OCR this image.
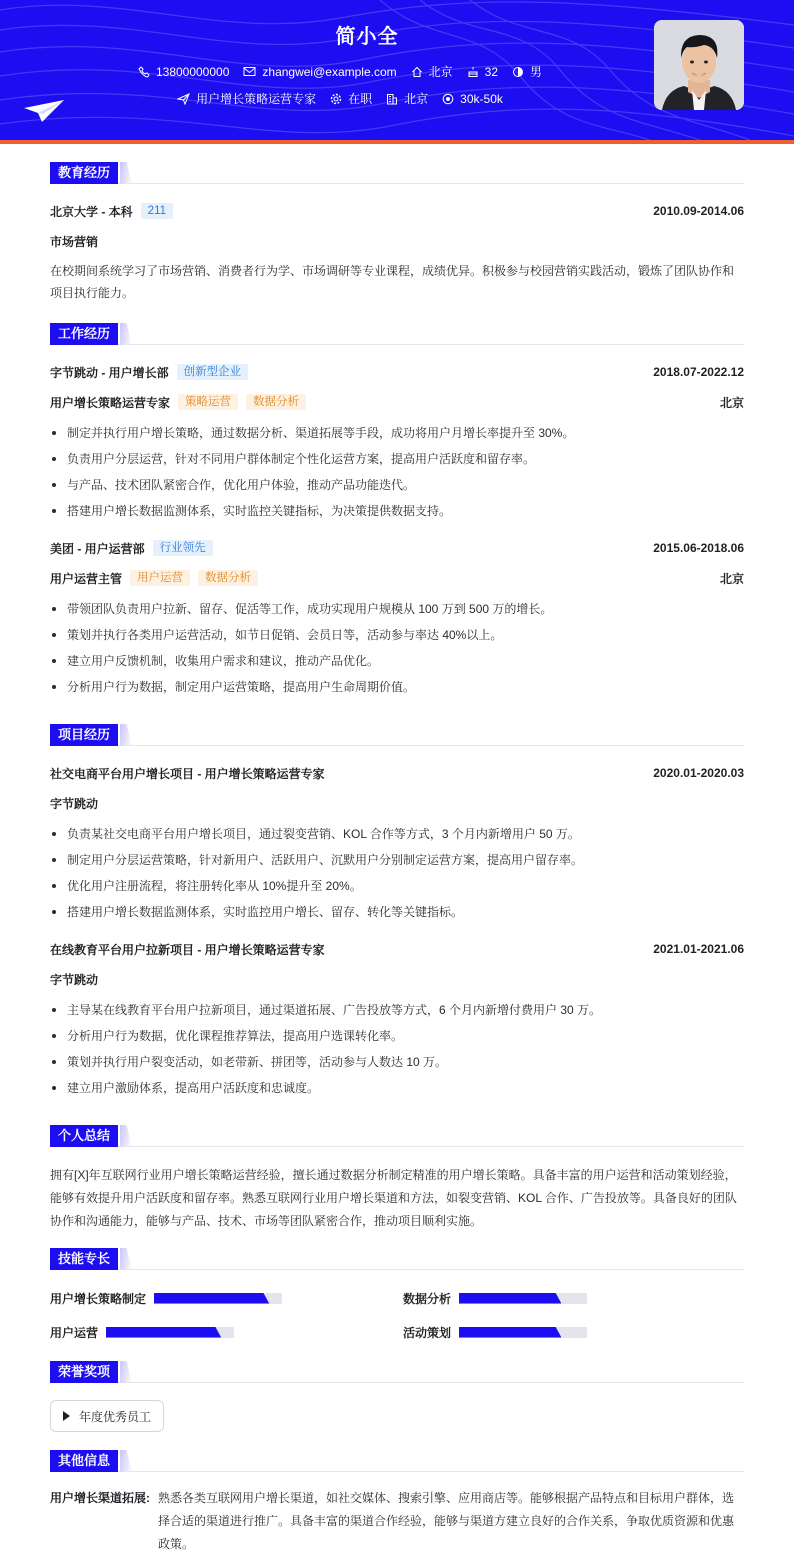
简小全
13800000000	zhangwei@example.com	北京	32	男
用户增长策略运营专家	在职	北京	30k-50k
教育经历
北京大学 - 本科	211	2010.09-2014.06
市场营销
在校期间系统学习了市场营销、消费者行为学、市场调研等专业课程，成绩优异。积极参与校园营销实践活动，锻炼了团队协作和项目执行能力。
工作经历
字节跳动 - 用户增长部	创新型企业	2018.07-2022.12
用户增长策略运营专家	策略运营	数据分析	北京
制定并执行用户增长策略，通过数据分析、渠道拓展等手段，成功将用户月增长率提升至 30%。
负责用户分层运营，针对不同用户群体制定个性化运营方案，提高用户活跃度和留存率。
与产品、技术团队紧密合作，优化用户体验，推动产品功能迭代。
搭建用户增长数据监测体系，实时监控关键指标，为决策提供数据支持。
美团 - 用户运营部	行业领先	2015.06-2018.06
用户运营主管	用户运营	数据分析	北京
带领团队负责用户拉新、留存、促活等工作，成功实现用户规模从 100 万到 500 万的增长。
策划并执行各类用户运营活动，如节日促销、会员日等，活动参与率达 40%以上。
建立用户反馈机制，收集用户需求和建议，推动产品优化。
分析用户行为数据，制定用户运营策略，提高用户生命周期价值。
项目经历
社交电商平台用户增长项目 - 用户增长策略运营专家	2020.01-2020.03
字节跳动
负责某社交电商平台用户增长项目，通过裂变营销、KOL 合作等方式，3 个月内新增用户 50 万。
制定用户分层运营策略，针对新用户、活跃用户、沉默用户分别制定运营方案，提高用户留存率。
优化用户注册流程，将注册转化率从 10%提升至 20%。
搭建用户增长数据监测体系，实时监控用户增长、留存、转化等关键指标。
在线教育平台用户拉新项目 - 用户增长策略运营专家	2021.01-2021.06
字节跳动
主导某在线教育平台用户拉新项目，通过渠道拓展、广告投放等方式，6 个月内新增付费用户 30 万。
分析用户行为数据，优化课程推荐算法，提高用户选课转化率。
策划并执行用户裂变活动，如老带新、拼团等，活动参与人数达 10 万。
建立用户激励体系，提高用户活跃度和忠诚度。
个人总结
拥有[X]年互联网行业用户增长策略运营经验，擅长通过数据分析制定精准的用户增长策略。具备丰富的用户运营和活动策划经验，能够有效提升用户活跃度和留存率。熟悉互联网行业用户增长渠道和方法，如裂变营销、KOL 合作、广告投放等。具备良好的团队协作和沟通能力，能够与产品、技术、市场等团队紧密合作，推动项目顺利实施。
技能专长
用户增长策略制定	数据分析
用户运营	活动策划
荣誉奖项
年度优秀员工
其他信息
用户增长渠道拓展: 熟悉各类互联网用户增长渠道，如社交媒体、搜索引擎、应用商店等。能够根据产品特点和目标用户群体，选择合适的渠道进行推广。具备丰富的渠道合作经验，能够与渠道方建立良好的合作关系，争取优质资源和优惠政策。
